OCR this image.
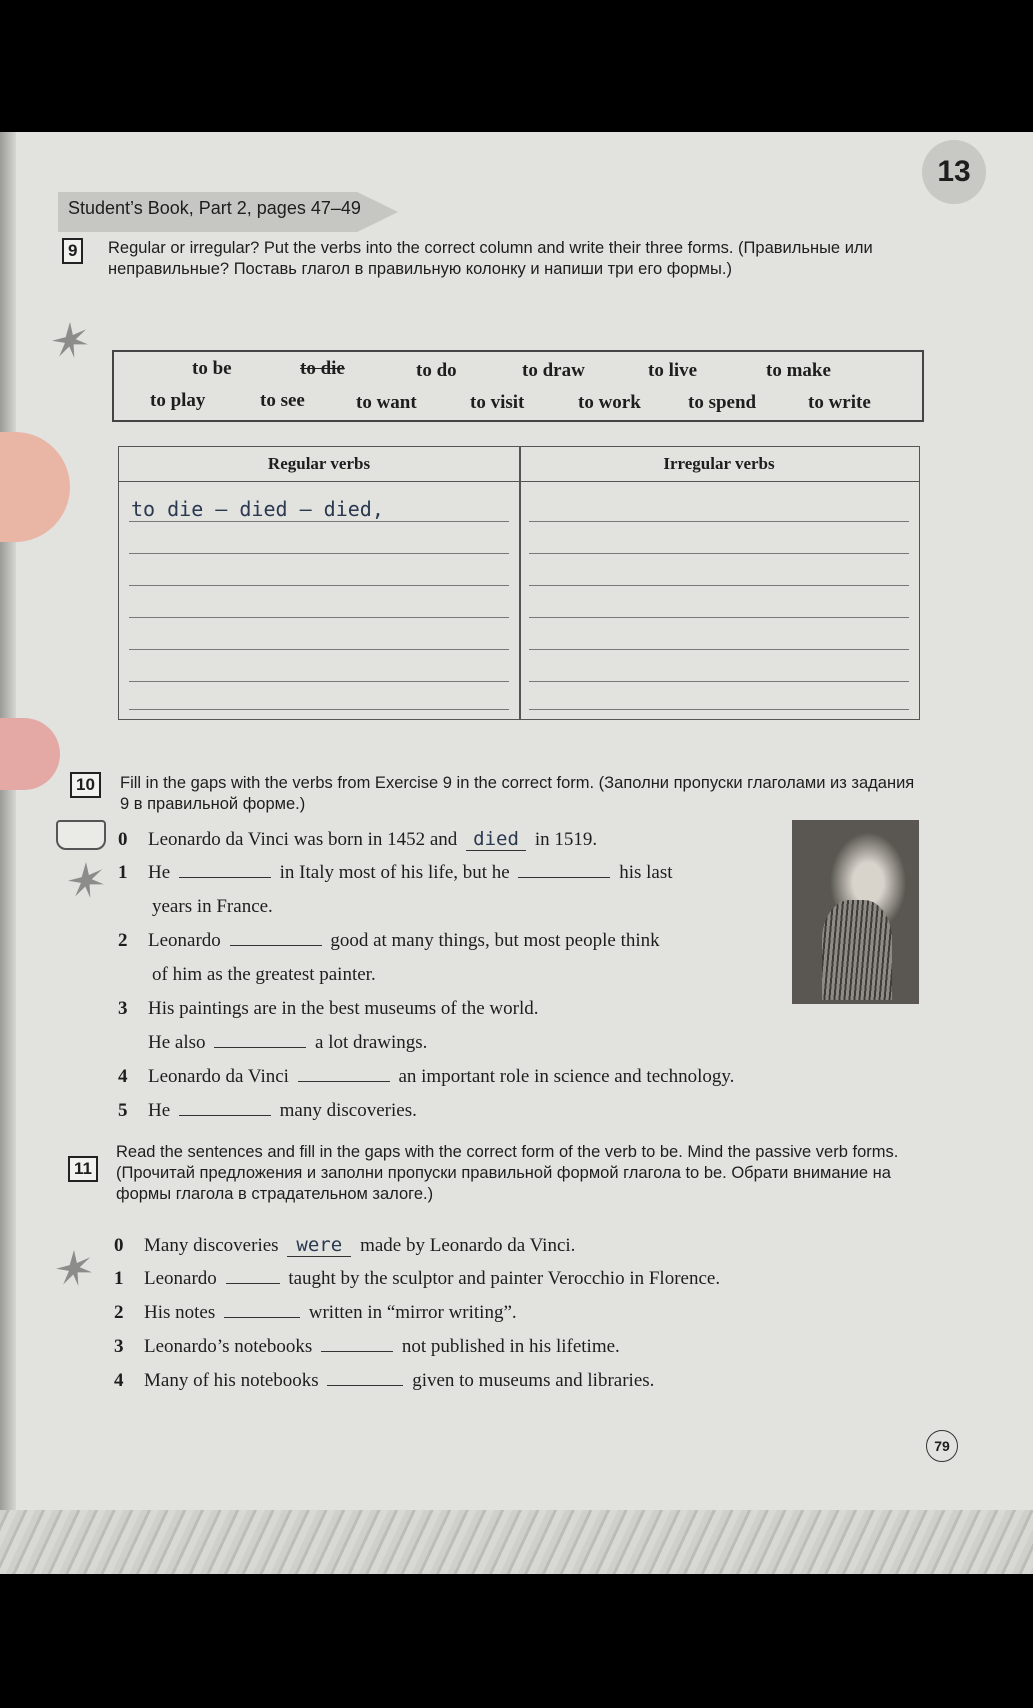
13
Student’s Book, Part 2, pages 47–49
9	Regular or irregular? Put the verbs into the correct column and write their three forms. (Правильные или неправильные? Поставь глагол в правильную колонку и напиши три его формы.)
to be	to die	to do	to draw	to live	to make
to play	to see	to want	to visit	to work to spend	to write
Regular verbs	Irregular verbs
to die – died – died,
10	Fill in the gaps with the verbs from Exercise 9 in the correct form. (Заполни пропуски глаголами из задания 9 в правильной форме.)
0 Leonardo da Vinci was born in 1452 and died in 1519.
1 He	in Italy most of his life, but he	his last
years in France.
2 Leonardo	good at many things, but most people think
of him as the greatest painter.
3 His paintings are in the best museums of the world.
He also	a lot drawings.
4 Leonardo da Vinci	an important role in science and technology.
5 He	many discoveries.
11
Read the sentences and fill in the gaps with the correct form of the verb to be. Mind the passive verb forms. (Прочитай предложения и заполни пропуски правильной формой глагола to be. Обрати внимание на формы глагола в страдательном залоге.)
0 Many discoveries were made by Leonardo da Vinci.
1 Leonardo	taught by the sculptor and painter Verocchio in Florence.
2 His notes	written in “mirror writing”.
3 Leonardo’s notebooks	not published in his lifetime.
4 Many of his notebooks	given to museums and libraries.
79
